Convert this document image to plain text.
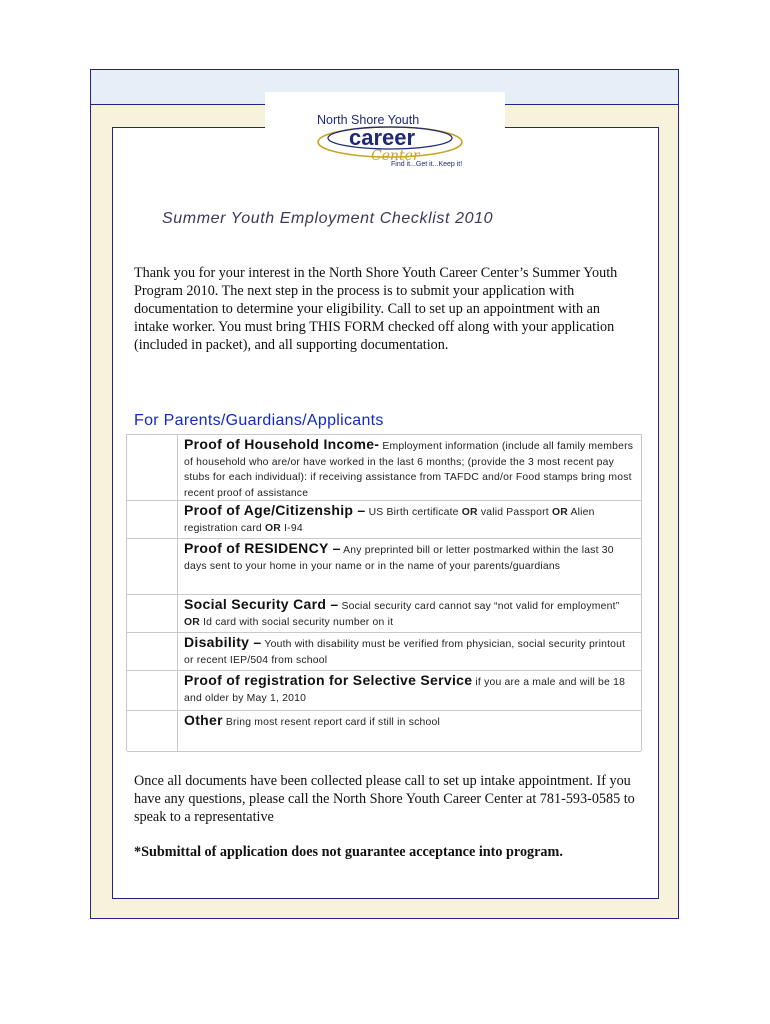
North Shore Youth
career
Center
Find it...Get it...Keep it!
Summer Youth Employment Checklist 2010
Thank you for your interest in the North Shore Youth Career Center’s Summer Youth Program 2010. The next step in the process is to submit your application with documentation to determine your eligibility. Call to set up an appointment with an intake worker. You must bring THIS FORM checked off along with your application (included in packet), and all supporting documentation.
For Parents/Guardians/Applicants
Proof of Household Income- Employment information (include all family members of household who are/or have worked in the last 6 months; (provide the 3 most recent pay stubs for each individual): if receiving assistance from TAFDC and/or Food stamps bring most recent proof of assistance
Proof of Age/Citizenship – US Birth certificate OR valid Passport OR Alien registration card OR I-94
Proof of RESIDENCY – Any preprinted bill or letter postmarked within the last 30 days sent to your home in your name or in the name of your parents/guardians
Social Security Card – Social security card cannot say “not valid for employment” OR Id card with social security number on it
Disability – Youth with disability must be verified from physician, social security printout or recent IEP/504 from school
Proof of registration for Selective Service if you are a male and will be 18 and older by May 1, 2010
Other Bring most resent report card if still in school
Once all documents have been collected please call to set up intake appointment. If you have any questions, please call the North Shore Youth Career Center at 781-593-0585 to speak to a representative
*Submittal of application does not guarantee acceptance into program.
